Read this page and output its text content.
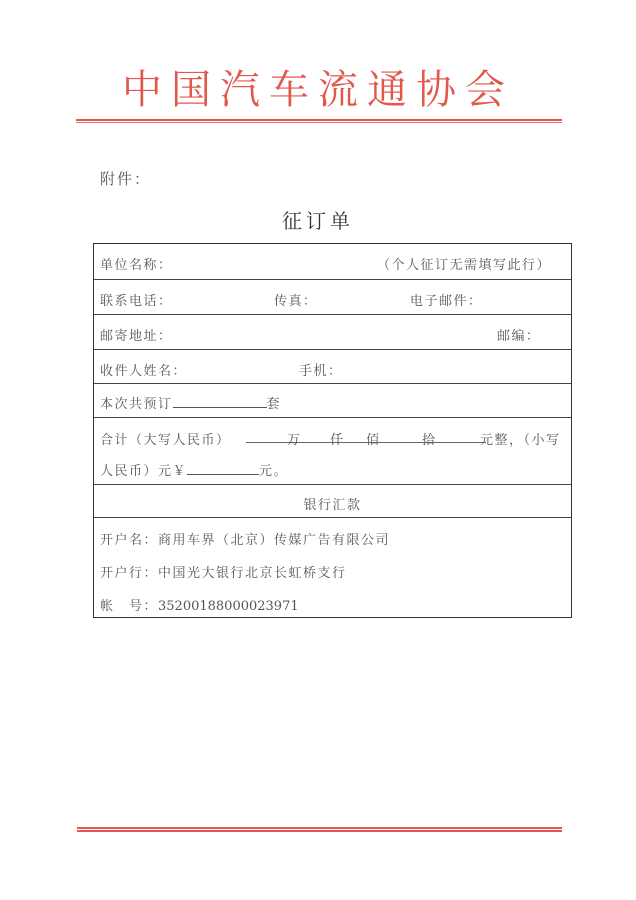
中国汽车流通协会
附件：
征订单
单位名称：	（个人征订无需填写此行）
联系电话：	传真：	电子邮件：
邮寄地址：	邮编：
收件人姓名：	手机：
本次共预订	套
合计（大写人民币）	万 仟 佰	拾	元整，（小写
人民币）元￥	元。
银行汇款
开户名：商用车界（北京）传媒广告有限公司
开户行：中国光大银行北京长虹桥支行
帐　号：35200188000023971
